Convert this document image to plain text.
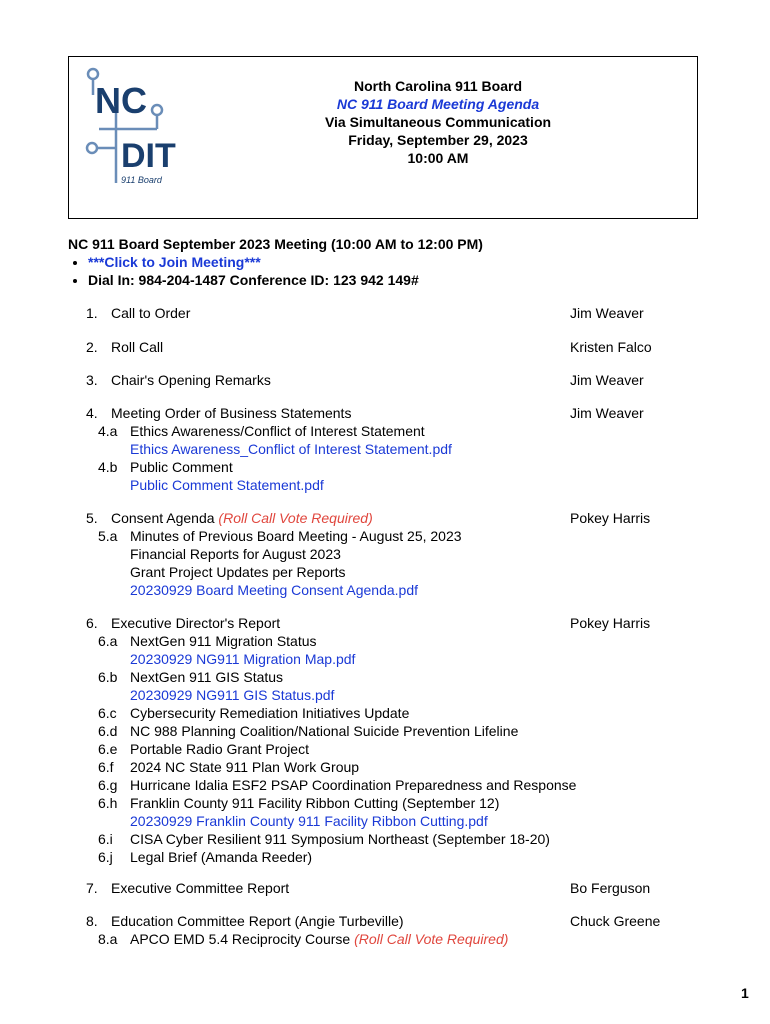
NC
DIT
911 Board
North Carolina 911 Board
NC 911 Board Meeting Agenda
Via Simultaneous Communication
Friday, September 29, 2023
10:00 AM
NC 911 Board September 2023 Meeting (10:00 AM to 12:00 PM)
• ***Click to Join Meeting***
• Dial In: 984-204-1487 Conference ID: 123 942 149#
1. Call to Order	Jim Weaver
2. Roll Call	Kristen Falco
3. Chair's Opening Remarks	Jim Weaver
4. Meeting Order of Business Statements	Jim Weaver
4.a Ethics Awareness/Conflict of Interest Statement
Ethics Awareness_Conflict of Interest Statement.pdf
4.b Public Comment
Public Comment Statement.pdf
5. Consent Agenda (Roll Call Vote Required)	Pokey Harris
5.a Minutes of Previous Board Meeting - August 25, 2023
Financial Reports for August 2023
Grant Project Updates per Reports
20230929 Board Meeting Consent Agenda.pdf
6. Executive Director's Report	Pokey Harris
6.a NextGen 911 Migration Status
20230929 NG911 Migration Map.pdf
6.b NextGen 911 GIS Status
20230929 NG911 GIS Status.pdf
6.c Cybersecurity Remediation Initiatives Update
6.d NC 988 Planning Coalition/National Suicide Prevention Lifeline
6.e Portable Radio Grant Project
6.f 2024 NC State 911 Plan Work Group
6.g Hurricane Idalia ESF2 PSAP Coordination Preparedness and Response
6.h Franklin County 911 Facility Ribbon Cutting (September 12)
20230929 Franklin County 911 Facility Ribbon Cutting.pdf
6.i CISA Cyber Resilient 911 Symposium Northeast (September 18-20)
6.j Legal Brief (Amanda Reeder)
7. Executive Committee Report	Bo Ferguson
8. Education Committee Report (Angie Turbeville)	Chuck Greene
8.a APCO EMD 5.4 Reciprocity Course (Roll Call Vote Required)
1
